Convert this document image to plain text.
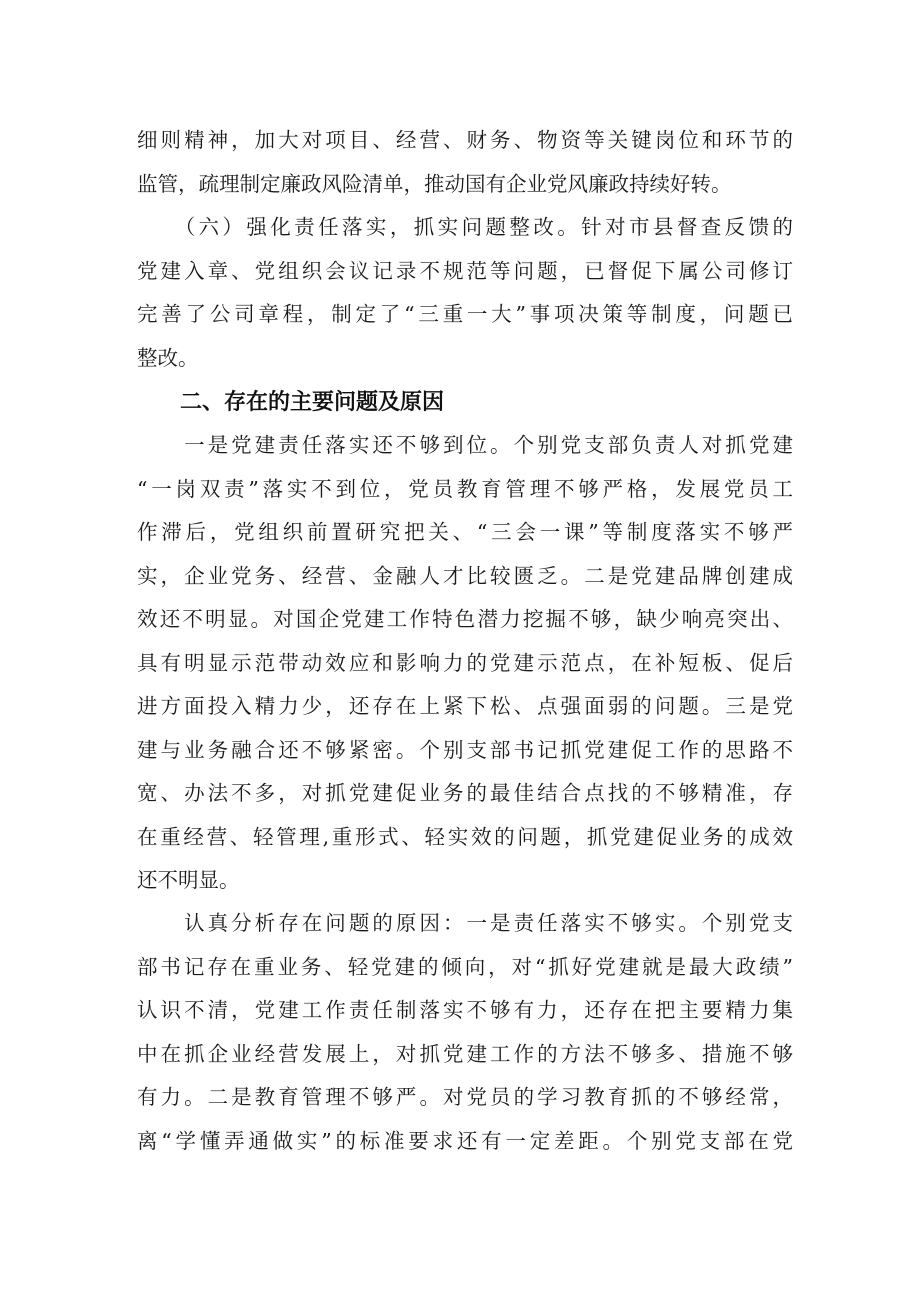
细则精神，加大对项目、经营、财务、物资等关键岗位和环节的
监管，疏理制定廉政风险清单，推动国有企业党风廉政持续好转。
　　（六）强化责任落实，抓实问题整改。针对市县督查反馈的
党建入章、党组织会议记录不规范等问题，已督促下属公司修订
完善了公司章程，制定了“三重一大”事项决策等制度，问题已
整改。
二、存在的主要问题及原因
　　一是党建责任落实还不够到位。个别党支部负责人对抓党建
“一岗双责”落实不到位，党员教育管理不够严格，发展党员工
作滞后，党组织前置研究把关、“三会一课”等制度落实不够严
实，企业党务、经营、金融人才比较匮乏。二是党建品牌创建成
效还不明显。对国企党建工作特色潜力挖掘不够，缺少响亮突出、
具有明显示范带动效应和影响力的党建示范点，在补短板、促后
进方面投入精力少，还存在上紧下松、点强面弱的问题。三是党
建与业务融合还不够紧密。个别支部书记抓党建促工作的思路不
宽、办法不多，对抓党建促业务的最佳结合点找的不够精准，存
在重经营、轻管理,重形式、轻实效的问题，抓党建促业务的成效
还不明显。
　　认真分析存在问题的原因：一是责任落实不够实。个别党支
部书记存在重业务、轻党建的倾向，对“抓好党建就是最大政绩”
认识不清，党建工作责任制落实不够有力，还存在把主要精力集
中在抓企业经营发展上，对抓党建工作的方法不够多、措施不够
有力。二是教育管理不够严。对党员的学习教育抓的不够经常，
离“学懂弄通做实”的标准要求还有一定差距。个别党支部在党
